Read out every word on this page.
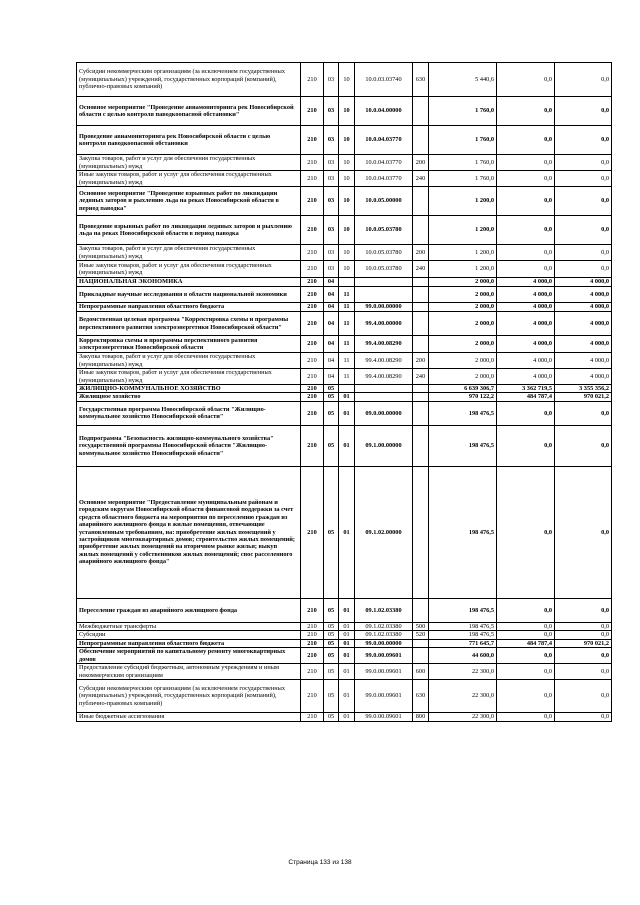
Субсидии некоммерческим организациям (за исключением государственных (муниципальных) учреждений, государственных корпораций (компаний), публично-правовых компаний)	210	03	10	10.0.03.03740	630	5 440,6	0,0	0,0
Основное мероприятие "Проведение авиамониторинга рек Новосибирской области с целью контроля паводкоопасной обстановки"	210	03	10	10.0.04.00000		1 760,0	0,0	0,0
Проведение авиамониторинга рек Новосибирской области с целью контроля паводкоопасной обстановки	210	03	10	10.0.04.03770		1 760,0	0,0	0,0
Закупка товаров, работ и услуг для обеспечения государственных (муниципальных) нужд	210	03	10	10.0.04.03770	200	1 760,0	0,0	0,0
Иные закупки товаров, работ и услуг для обеспечения государственных (муниципальных) нужд	210	03	10	10.0.04.03770	240	1 760,0	0,0	0,0
Основное мероприятие "Проведение взрывных работ по ликвидации ледяных заторов и рыхлению льда на реках Новосибирской области в период паводка"	210	03	10	10.0.05.00000		1 200,0	0,0	0,0
Проведение взрывных работ по ликвидации ледяных заторов и рыхлению льда на реках Новосибирской области в период паводка	210	03	10	10.0.05.03780		1 200,0	0,0	0,0
Закупка товаров, работ и услуг для обеспечения государственных (муниципальных) нужд	210	03	10	10.0.05.03780	200	1 200,0	0,0	0,0
Иные закупки товаров, работ и услуг для обеспечения государственных (муниципальных) нужд	210	03	10	10.0.05.03780	240	1 200,0	0,0	0,0
НАЦИОНАЛЬНАЯ ЭКОНОМИКА	210	04				2 000,0	4 000,0	4 000,0
Прикладные научные исследования в области национальной экономики	210	04	11			2 000,0	4 000,0	4 000,0
Непрограммные направления областного бюджета	210	04	11	99.0.00.00000		2 000,0	4 000,0	4 000,0
Ведомственная целевая программа "Корректировка схемы и программы перспективного развития электроэнергетики Новосибирской области"	210	04	11	99.4.00.00000		2 000,0	4 000,0	4 000,0
Корректировка схемы и программы перспективного развития электроэнергетики Новосибирской области	210	04	11	99.4.00.08290		2 000,0	4 000,0	4 000,0
Закупка товаров, работ и услуг для обеспечения государственных (муниципальных) нужд	210	04	11	99.4.00.08290	200	2 000,0	4 000,0	4 000,0
Иные закупки товаров, работ и услуг для обеспечения государственных (муниципальных) нужд	210	04	11	99.4.00.08290	240	2 000,0	4 000,0	4 000,0
ЖИЛИЩНО-КОММУНАЛЬНОЕ ХОЗЯЙСТВО	210	05				6 639 306,7	3 362 719,5	3 355 356,2
Жилищное хозяйство	210	05	01			970 122,2	484 787,4	970 021,2
Государственная программа Новосибирской области "Жилищно-коммунальное хозяйство Новосибирской области"	210	05	01	09.0.00.00000		198 476,5	0,0	0,0
Подпрограмма "Безопасность жилищно-коммунального хозяйства" государственной программы Новосибирской области "Жилищно-коммунальное хозяйство Новосибирской области"	210	05	01	09.1.00.00000		198 476,5	0,0	0,0
Основное мероприятие "Предоставление муниципальным районам и городским округам Новосибирской области финансовой поддержки за счет средств областного бюджета на мероприятия по переселению граждан из аварийного жилищного фонда в жилые помещения, отвечающие установленным требованиям, на: приобретение жилых помещений у застройщиков многоквартирных домов; строительство жилых помещений; приобретение жилых помещений на вторичном рынке жилья; выкуп жилых помещений у собственников жилых помещений; снос расселенного аварийного жилищного фонда"	210	05	01	09.1.02.00000		198 476,5	0,0	0,0
Переселение граждан из аварийного жилищного фонда	210	05	01	09.1.02.03380		198 476,5	0,0	0,0
Межбюджетные трансферты	210	05	01	09.1.02.03380	500	198 476,5	0,0	0,0
Субсидии	210	05	01	09.1.02.03380	520	198 476,5	0,0	0,0
Непрограммные направления областного бюджета	210	05	01	99.0.00.00000		771 645,7	484 787,4	970 021,2
Обеспечение мероприятий по капитальному ремонту многоквартирных домов	210	05	01	99.0.00.09601		44 600,0	0,0	0,0
Предоставление субсидий бюджетным, автономным учреждениям и иным некоммерческим организациям	210	05	01	99.0.00.09601	600	22 300,0	0,0	0,0
Субсидии некоммерческим организациям (за исключением государственных (муниципальных) учреждений, государственных корпораций (компаний), публично-правовых компаний)	210	05	01	99.0.00.09601	630	22 300,0	0,0	0,0
Иные бюджетные ассигнования	210	05	01	99.0.00.09601	800	22 300,0	0,0	0,0
Страница 133 из 138
